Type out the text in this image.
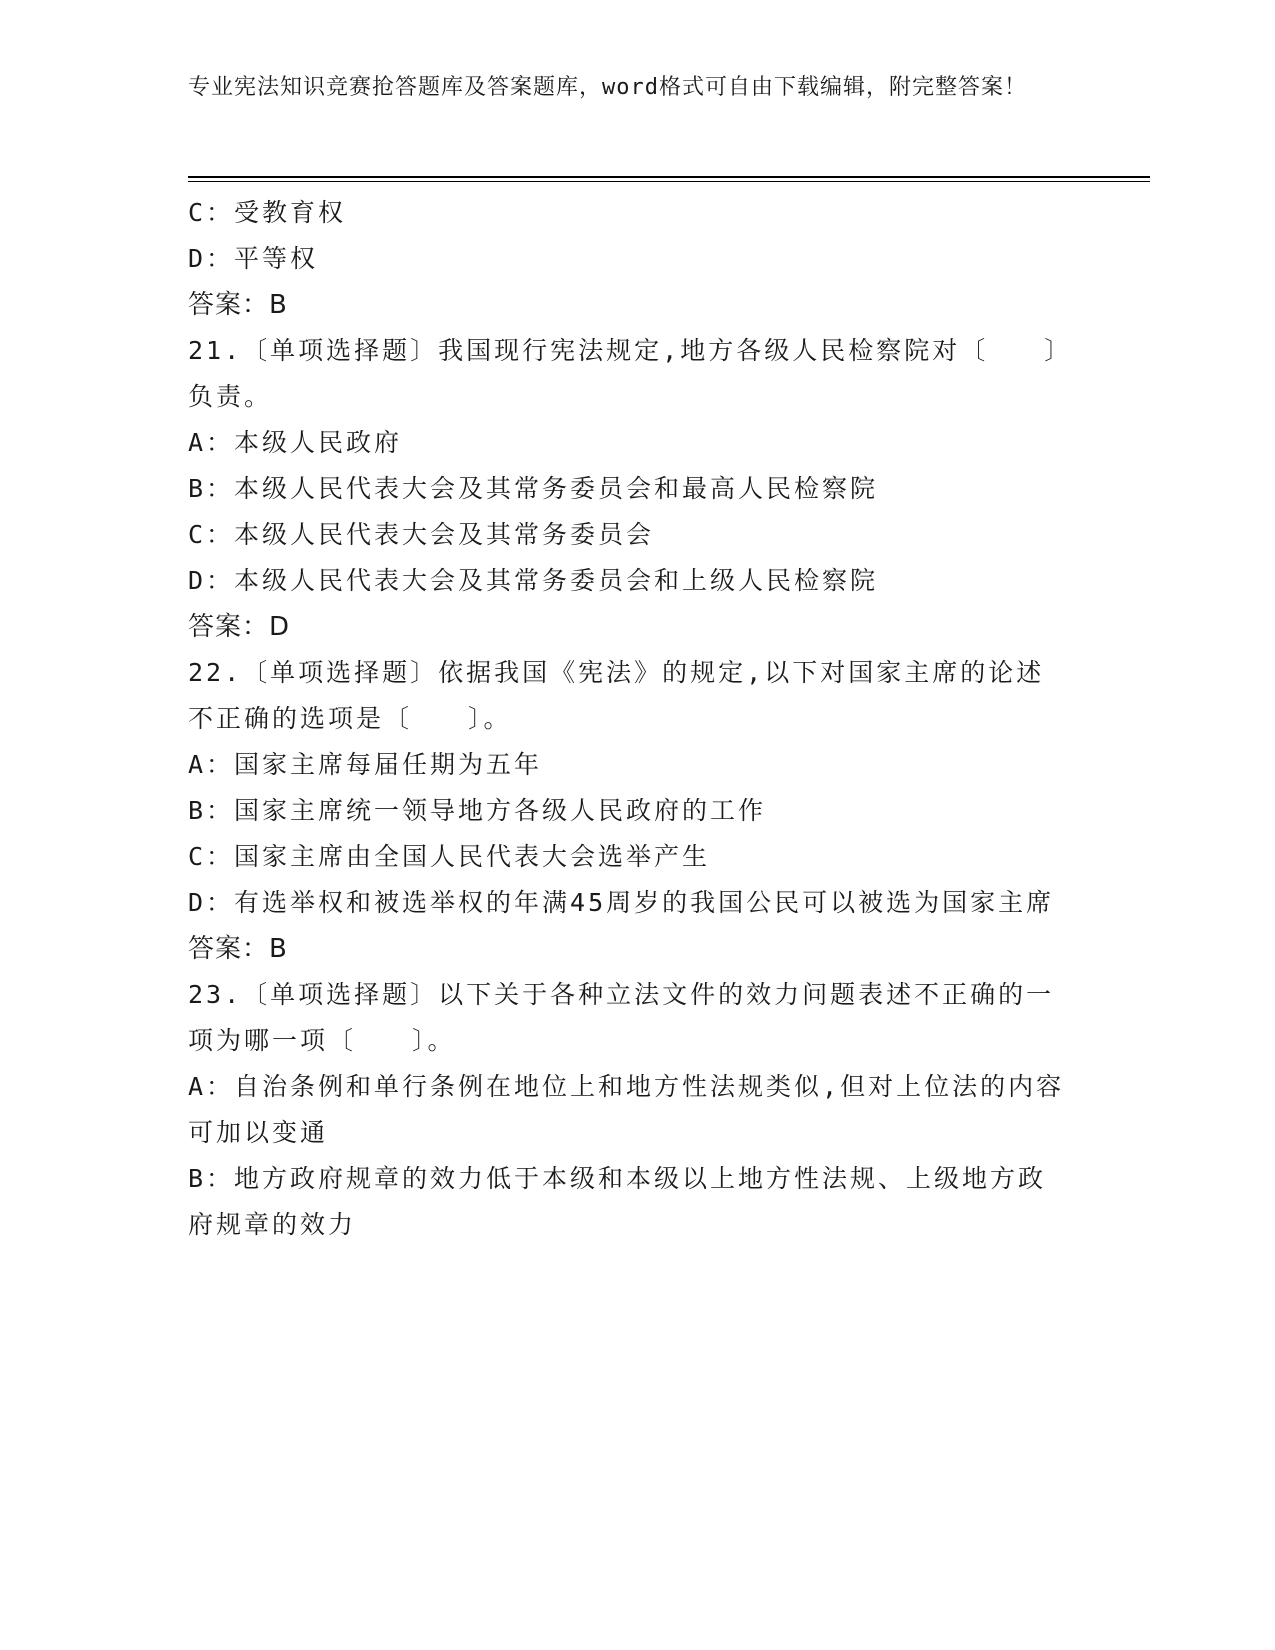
专业宪法知识竞赛抢答题库及答案题库，word格式可自由下载编辑，附完整答案！
C：受教育权
D：平等权
答案：B
21.〔单项选择题〕我国现行宪法规定,地方各级人民检察院对〔　　〕负责。
A：本级人民政府
B：本级人民代表大会及其常务委员会和最高人民检察院
C：本级人民代表大会及其常务委员会
D：本级人民代表大会及其常务委员会和上级人民检察院
答案：D
22.〔单项选择题〕依据我国《宪法》的规定,以下对国家主席的论述不正确的选项是〔　　〕。
A：国家主席每届任期为五年
B：国家主席统一领导地方各级人民政府的工作
C：国家主席由全国人民代表大会选举产生
D：有选举权和被选举权的年满45周岁的我国公民可以被选为国家主席
答案：B
23.〔单项选择题〕以下关于各种立法文件的效力问题表述不正确的一项为哪一项〔　　〕。
A：自治条例和单行条例在地位上和地方性法规类似,但对上位法的内容可加以变通
B：地方政府规章的效力低于本级和本级以上地方性法规、上级地方政府规章的效力
